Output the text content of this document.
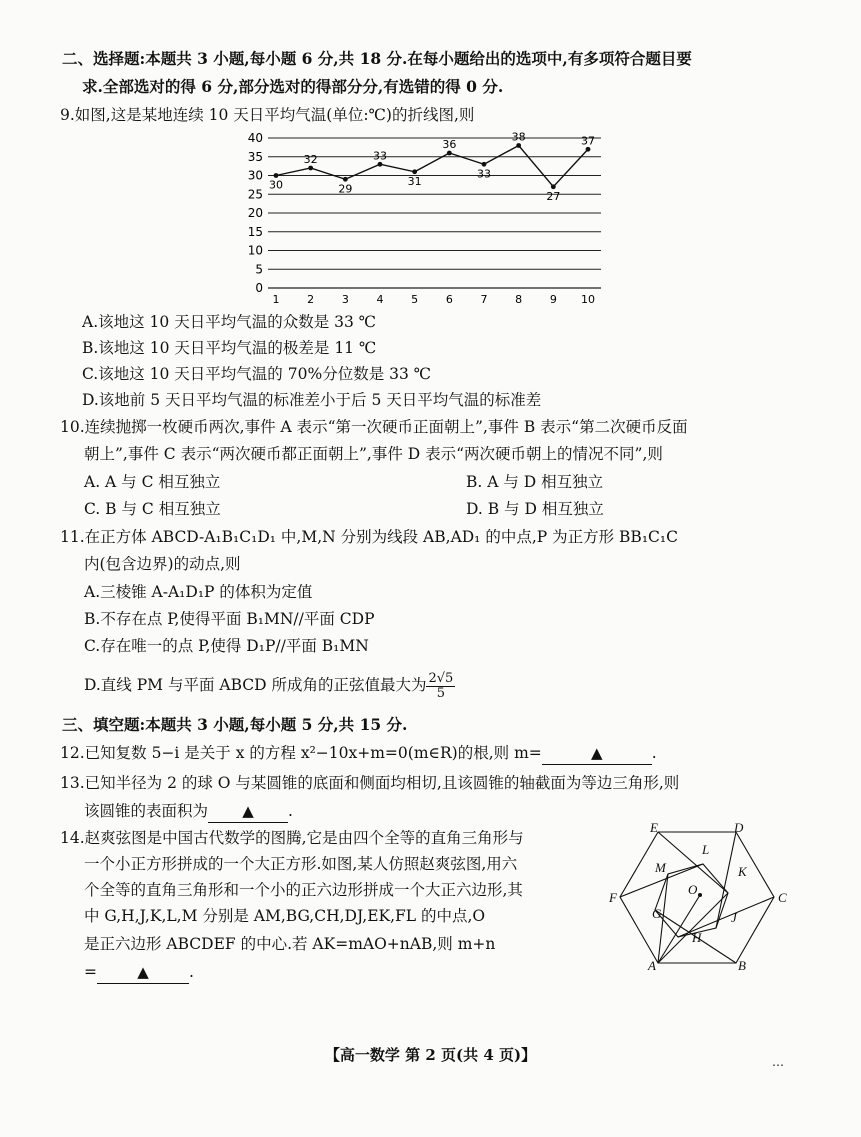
二、选择题:本题共 3 小题,每小题 6 分,共 18 分.在每小题给出的选项中,有多项符合题目要
求.全部选对的得 6 分,部分选对的得部分分,有选错的得 0 分.
9.如图,这是某地连续 10 天日平均气温(单位:℃)的折线图,则
0
5
10
15
20
25
30
35
40
1	2	3	4	5	6	7	8	9 10
30
32
29
33
31
36
33
38
27
37
A.该地这 10 天日平均气温的众数是 33 ℃
B.该地这 10 天日平均气温的极差是 11 ℃
C.该地这 10 天日平均气温的 70%分位数是 33 ℃
D.该地前 5 天日平均气温的标准差小于后 5 天日平均气温的标准差
10.连续抛掷一枚硬币两次,事件 A 表示“第一次硬币正面朝上”,事件 B 表示“第二次硬币反面
朝上”,事件 C 表示“两次硬币都正面朝上”,事件 D 表示“两次硬币朝上的情况不同”,则
A. A 与 C 相互独立	B. A 与 D 相互独立
C. B 与 C 相互独立	D. B 与 D 相互独立
11.在正方体 ABCD-A₁B₁C₁D₁ 中,M,N 分别为线段 AB,AD₁ 的中点,P 为正方形 BB₁C₁C
内(包含边界)的动点,则
A.三棱锥 A-A₁D₁P 的体积为定值
B.不存在点 P,使得平面 B₁MN//平面 CDP
C.存在唯一的点 P,使得 D₁P//平面 B₁MN
D.直线 PM 与平面 ABCD 所成角的正弦值最大为 $\frac{2√5}{5}$
三、填空题:本题共 3 小题,每小题 5 分,共 15 分.
12.已知复数 5−i 是关于 x 的方程 x²−10x+m=0(m∈R)的根,则 m=	▲	.
13.已知半径为 2 的球 O 与某圆锥的底面和侧面均相切,且该圆锥的轴截面为等边三角形,则
该圆锥的表面积为 ▲ .
14.赵爽弦图是中国古代数学的图腾,它是由四个全等的直角三角形与
一个小正方形拼成的一个大正方形.如图,某人仿照赵爽弦图,用六
个全等的直角三角形和一个小的正六边形拼成一个大正六边形,其
中 G,H,J,K,L,M 分别是 AM,BG,CH,DJ,EK,FL 的中点,O
是正六边形 ABCDEF 的中心.若 AK=mAO+nAB,则 m+n
=	▲	.	A	B
C
D
E
F
G
H
J
K
L
M
O
【高一数学 第 2 页(共 4 页)】	…
